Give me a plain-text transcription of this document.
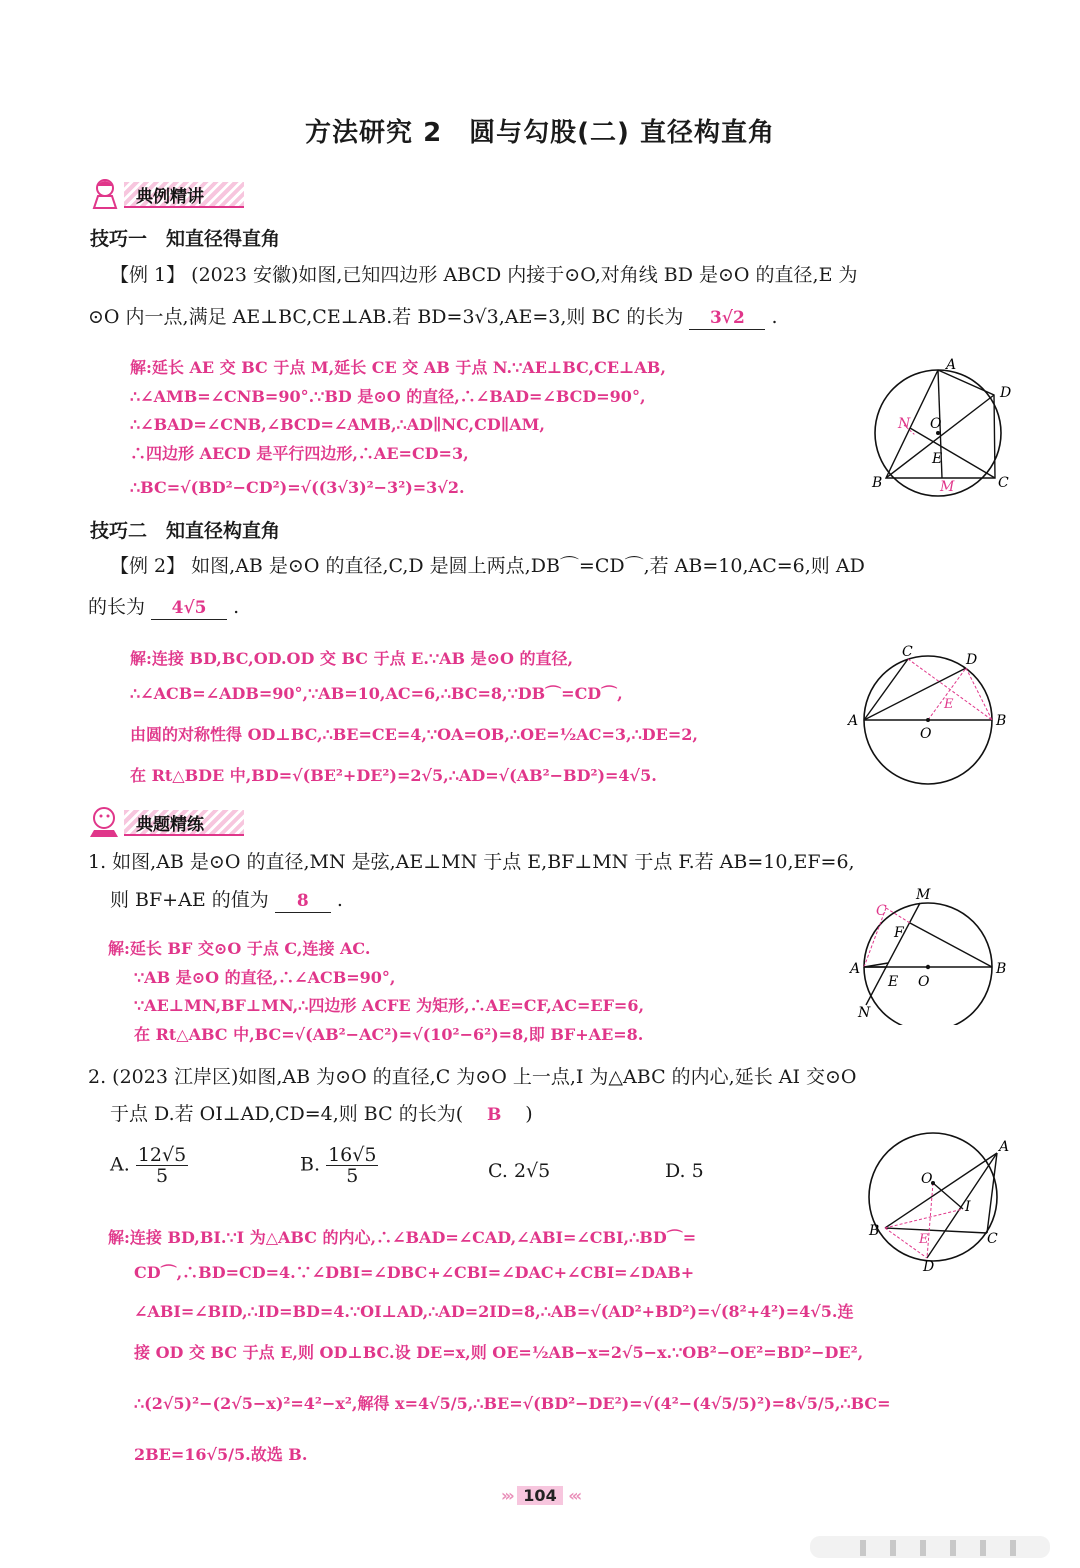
方法研究 2　圆与勾股(二) 直径构直角
典例精讲
技巧一　知直径得直角
【例 1】 (2023 安徽)如图,已知四边形 ABCD 内接于⊙O,对角线 BD 是⊙O 的直径,E 为
⊙O 内一点,满足 AE⊥BC,CE⊥AB.若 BD=3√3,AE=3,则 BC 的长为 3√2 .
解:延长 AE 交 BC 于点 M,延长 CE 交 AB 于点 N.∵AE⊥BC,CE⊥AB,
∴∠AMB=∠CNB=90°.∵BD 是⊙O 的直径,∴∠BAD=∠BCD=90°,
∴∠BAD=∠CNB,∠BCD=∠AMB,∴AD∥NC,CD∥AM,
∴四边形 AECD 是平行四边形,∴AE=CD=3,
∴BC=√(BD²−CD²)=√((3√3)²−3²)=3√2.
A
D
B	C
O
E
N
M
技巧二　知直径构直角
【例 2】 如图,AB 是⊙O 的直径,C,D 是圆上两点,DB⌒=CD⌒,若 AB=10,AC=6,则 AD
的长为 4√5 .
解:连接 BD,BC,OD.OD 交 BC 于点 E.∵AB 是⊙O 的直径,
∴∠ACB=∠ADB=90°,∵AB=10,AC=6,∴BC=8,∵DB⌒=CD⌒,
由圆的对称性得 OD⊥BC,∴BE=CE=4,∵OA=OB,∴OE=½AC=3,∴DE=2,
在 Rt△BDE 中,BD=√(BE²+DE²)=2√5,∴AD=√(AB²−BD²)=4√5.
C	D
A	B
O
E
典题精练
1. 如图,AB 是⊙O 的直径,MN 是弦,AE⊥MN 于点 E,BF⊥MN 于点 F.若 AB=10,EF=6,
则 BF+AE 的值为 8 .
解:延长 BF 交⊙O 于点 C,连接 AC.
∵AB 是⊙O 的直径,∴∠ACB=90°,
∵AE⊥MN,BF⊥MN,∴四边形 ACFE 为矩形,∴AE=CF,AC=EF=6,
在 Rt△ABC 中,BC=√(AB²−AC²)=√(10²−6²)=8,即 BF+AE=8.
M
C
F
A	B
E O
N
2. (2023 江岸区)如图,AB 为⊙O 的直径,C 为⊙O 上一点,I 为△ABC 的内心,延长 AI 交⊙O
于点 D.若 OI⊥AD,CD=4,则 BC 的长为( B )
A. $\frac{12√5}{5}$	B. $\frac{16√5}{5}$	C. 2√5	D. 5
A
O
I
B	C
E
D
解:连接 BD,BI.∵I 为△ABC 的内心,∴∠BAD=∠CAD,∠ABI=∠CBI,∴BD⌒=
CD⌒,∴BD=CD=4.∵∠DBI=∠DBC+∠CBI=∠DAC+∠CBI=∠DAB+
∠ABI=∠BID,∴ID=BD=4.∵OI⊥AD,∴AD=2ID=8,∴AB=√(AD²+BD²)=√(8²+4²)=4√5.连
接 OD 交 BC 于点 E,则 OD⊥BC.设 DE=x,则 OE=½AB−x=2√5−x.∵OB²−OE²=BD²−DE²,
∴(2√5)²−(2√5−x)²=4²−x²,解得 x=4√5/5,∴BE=√(BD²−DE²)=√(4²−(4√5/5)²)=8√5/5,∴BC=
2BE=16√5/5.故选 B.
››› 104 ‹‹‹
